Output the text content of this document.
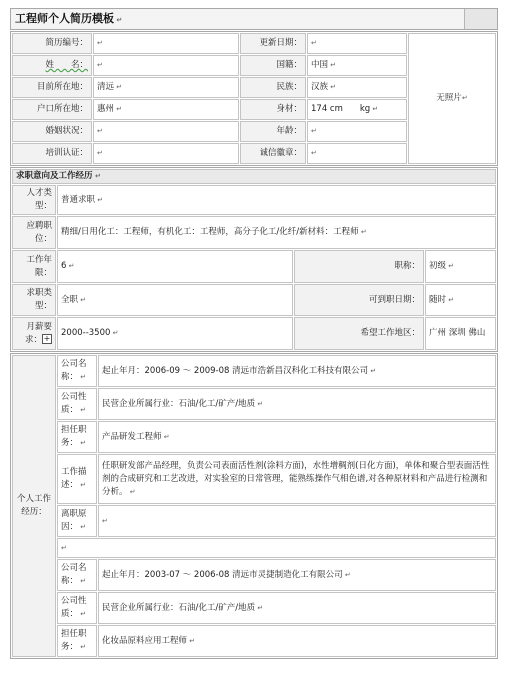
工程师个人简历模板 ↵
简历编号：	↵	更新日期：	↵	无照片↵
姓　　名：	↵	国籍：	中国 ↵
目前所在地：	清远 ↵	民族：	汉族 ↵
户口所在地：	惠州 ↵	身材：	174 cm　　kg ↵
婚姻状况：	↵	年龄：	↵
培训认证：	↵	诚信徽章：	↵
求职意向及工作经历 ↵
人才类型：	普通求职 ↵
应聘职位：	精细/日用化工：工程师，有机化工：工程师，高分子化工/化纤/新材料：工程师 ↵
工作年限：	6 ↵	职称：	初级 ↵
求职类型：	全职 ↵	可到职日期：	随时 ↵
月薪要求： +	2000--3500 ↵	希望工作地区：	广州 深圳 佛山
个人工作经历：	公司名称： ↵	起止年月：2006-09 ～ 2009-08 清远市浩新昌汉科化工科技有限公司 ↵
	公司性质： ↵	民营企业所属行业：石油/化工/矿产/地质 ↵
	担任职务： ↵	产品研发工程师 ↵
	工作描述： ↵	任职研发部产品经理，负责公司表面活性剂(涂料方面)，水性增稠剂(日化方面)，单体和聚合型表面活性剂的合成研究和工艺改进，对实验室的日常管理，能熟练操作气相色谱,对各种原材料和产品进行检测和分析。 ↵
	离职原因： ↵	↵
↵
	公司名称： ↵	起止年月：2003-07 ～ 2006-08 清远市灵捷制造化工有限公司 ↵
	公司性质： ↵	民营企业所属行业：石油/化工/矿产/地质 ↵
	担任职务： ↵	化妆品原料应用工程师 ↵
